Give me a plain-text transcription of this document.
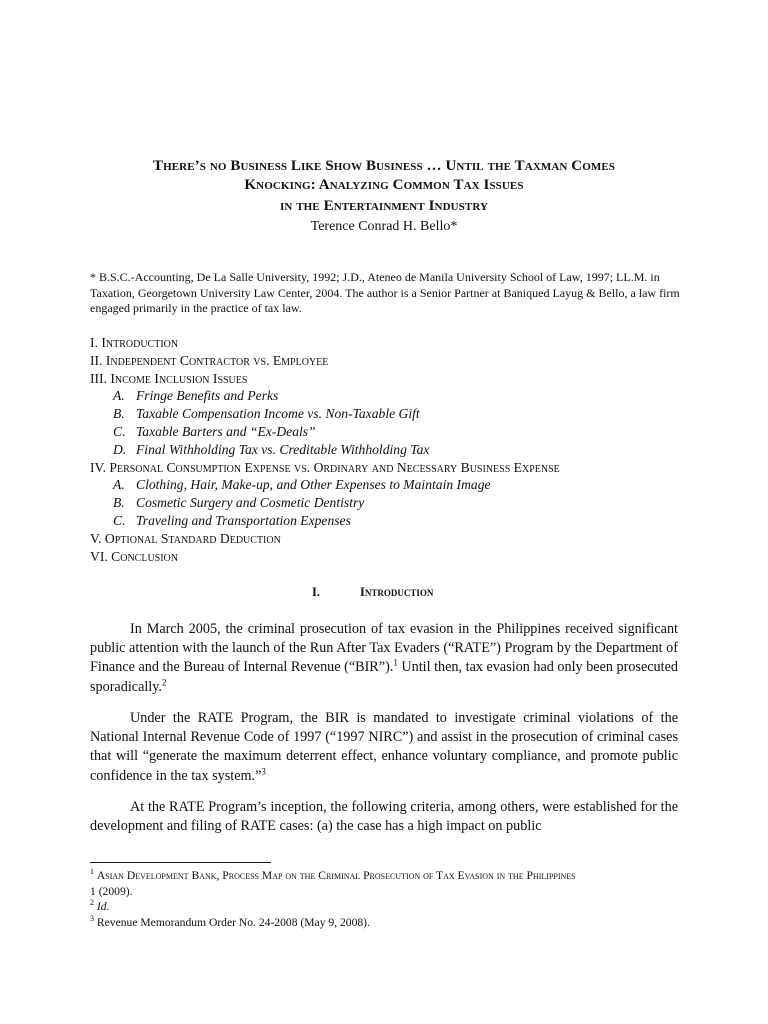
There’s no Business Like Show Business … Until the Taxman Comes
Knocking: Analyzing Common Tax Issues
in the Entertainment Industry
Terence Conrad H. Bello*
* B.S.C.-Accounting, De La Salle University, 1992; J.D., Ateneo de Manila University School of Law, 1997; LL.M. in Taxation, Georgetown University Law Center, 2004. The author is a Senior Partner at Baniqued Layug & Bello, a law firm engaged primarily in the practice of tax law.
I. Introduction
II. Independent Contractor vs. Employee
III. Income Inclusion Issues
A. Fringe Benefits and Perks
B. Taxable Compensation Income vs. Non-Taxable Gift
C. Taxable Barters and “Ex-Deals”
D. Final Withholding Tax vs. Creditable Withholding Tax
IV. Personal Consumption Expense vs. Ordinary and Necessary Business Expense
A. Clothing, Hair, Make-up, and Other Expenses to Maintain Image
B. Cosmetic Surgery and Cosmetic Dentistry
C. Traveling and Transportation Expenses
V. Optional Standard Deduction
VI. Conclusion
I.	Introduction
In March 2005, the criminal prosecution of tax evasion in the Philippines received significant public attention with the launch of the Run After Tax Evaders (“RATE”) Program by the Department of Finance and the Bureau of Internal Revenue (“BIR”).$^1$ Until then, tax evasion had only been prosecuted sporadically.$^2$
Under the RATE Program, the BIR is mandated to investigate criminal violations of the National Internal Revenue Code of 1997 (“1997 NIRC”) and assist in the prosecution of criminal cases that will “generate the maximum deterrent effect, enhance voluntary compliance, and promote public confidence in the tax system.”$^3$
At the RATE Program’s inception, the following criteria, among others, were established for the development and filing of RATE cases: (a) the case has a high impact on public
$^1$ Asian Development Bank, Process Map on the Criminal Prosecution of Tax Evasion in the Philippines
1 (2009).
$^2$ Id.
$^3$ Revenue Memorandum Order No. 24-2008 (May 9, 2008).
